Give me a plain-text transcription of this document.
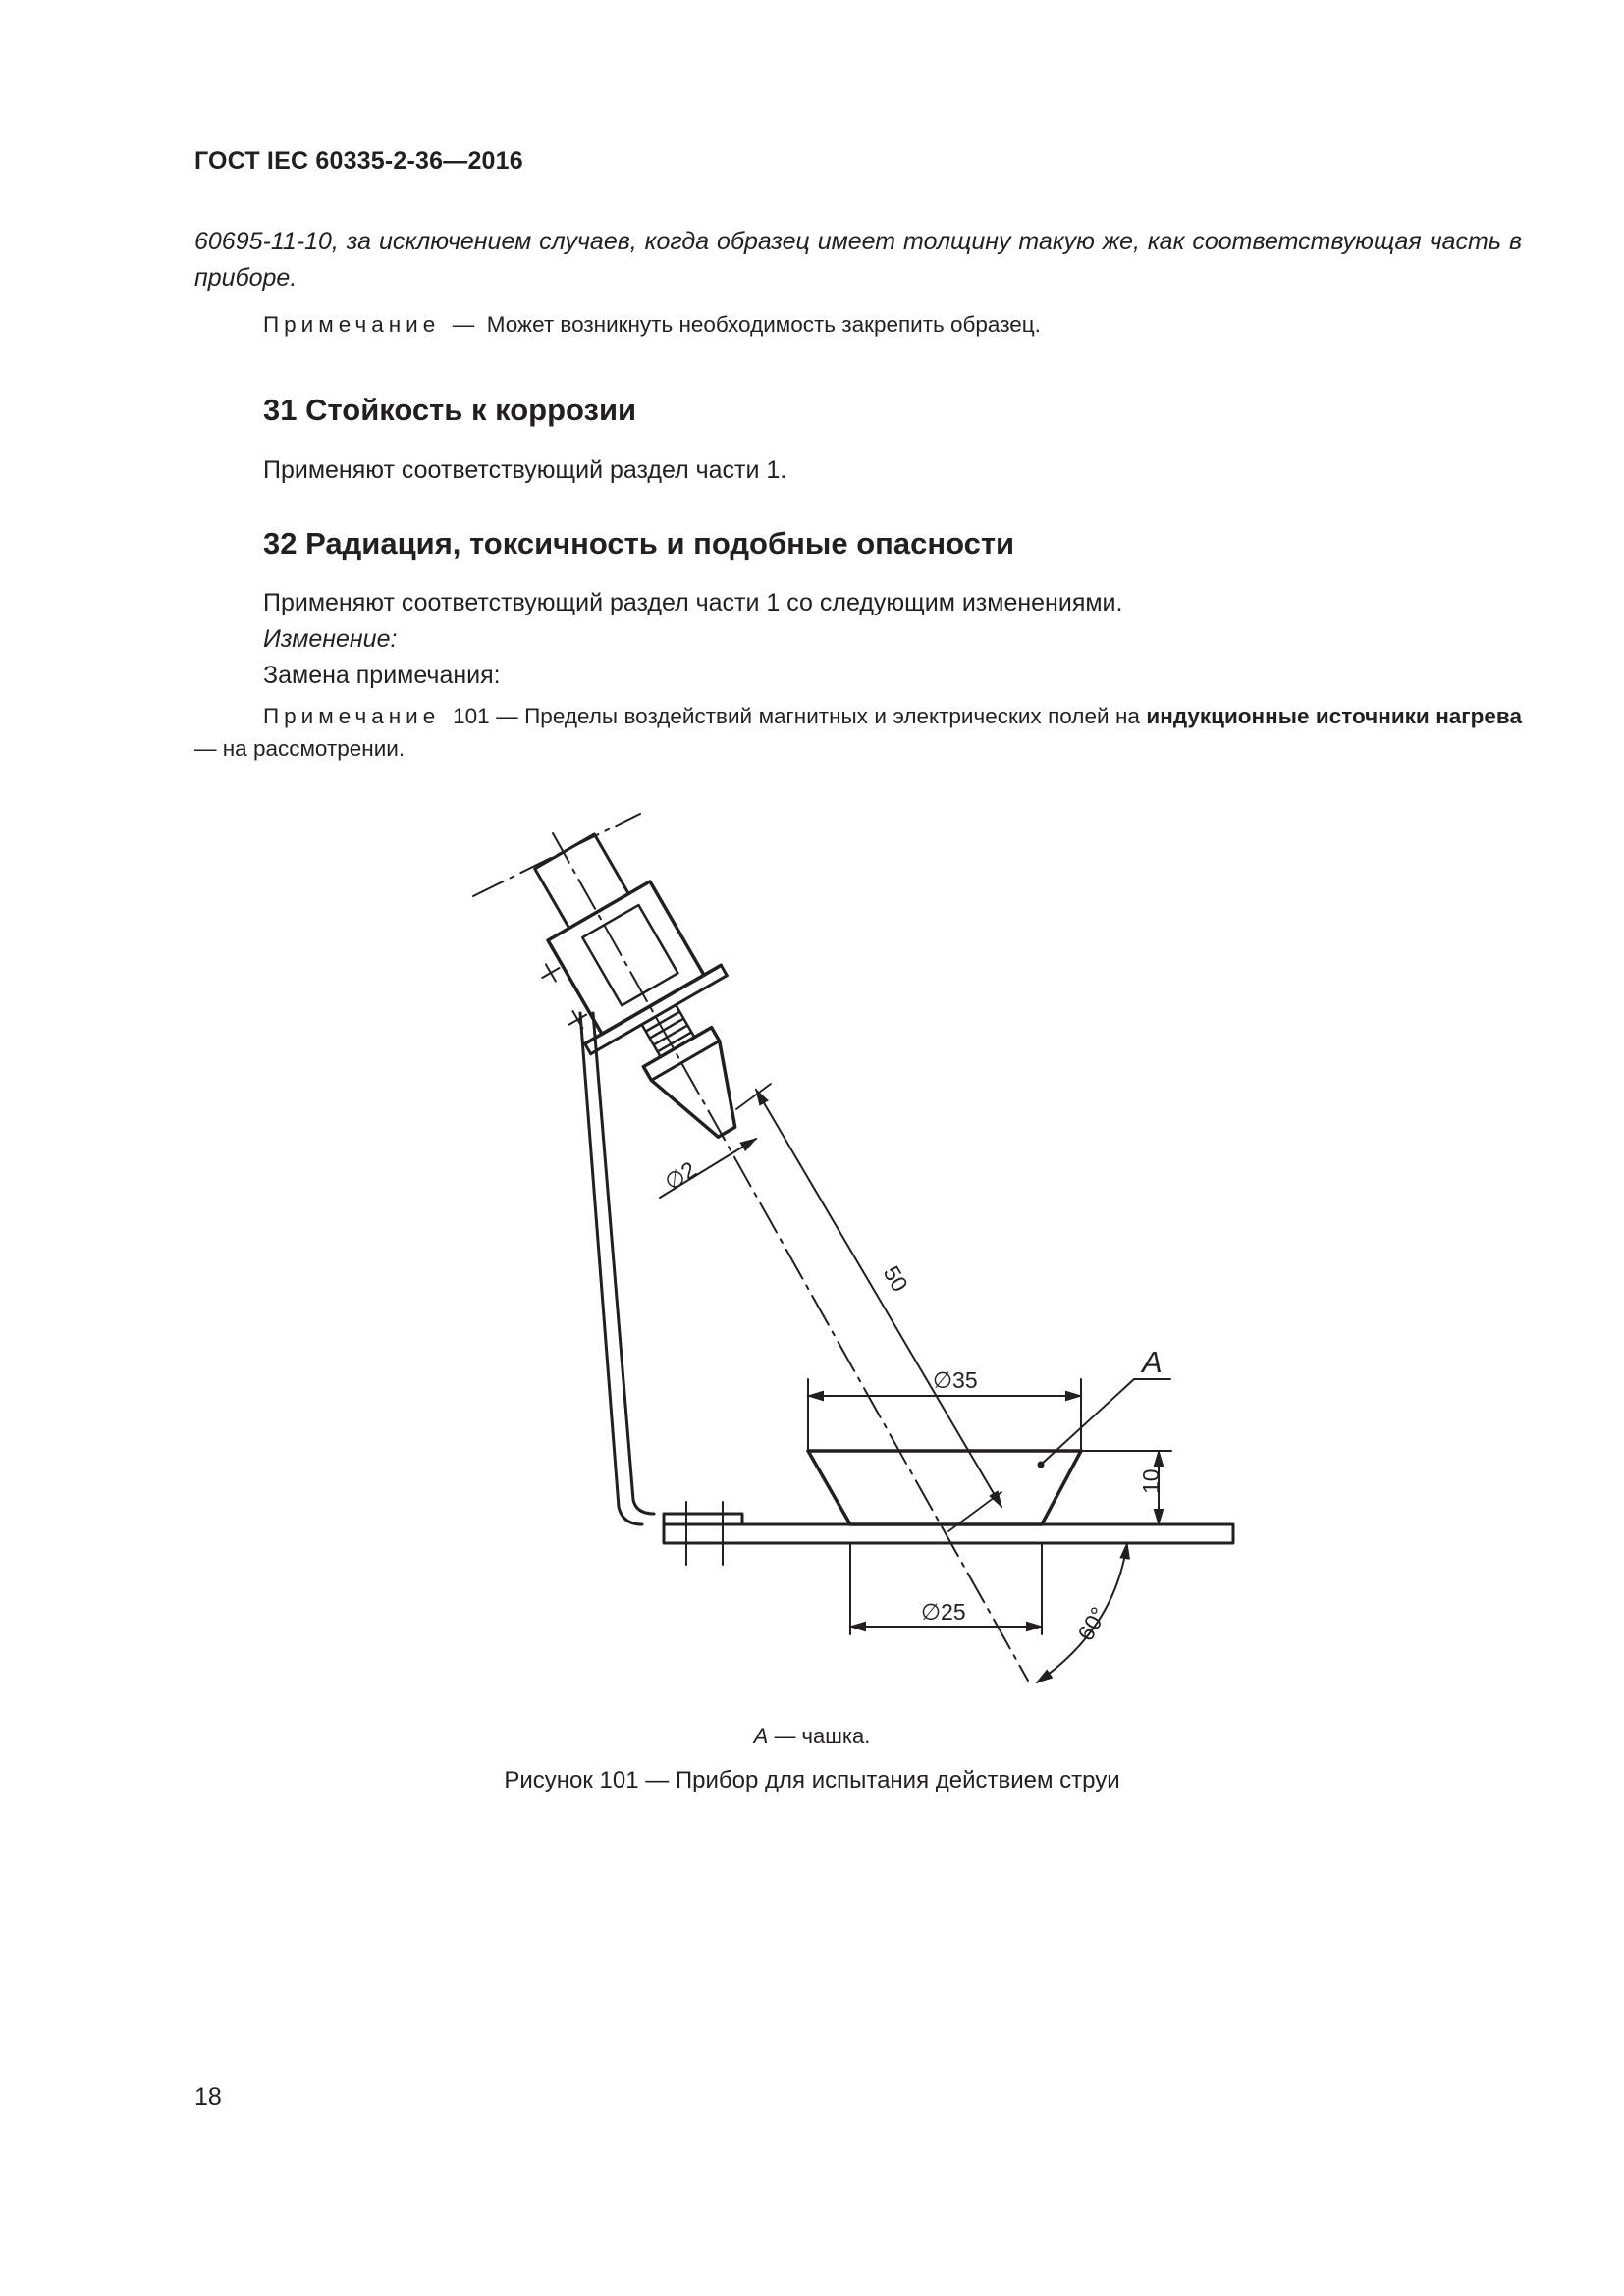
ГОСТ IEC 60335-2-36—2016

60695-11-10, за исключением случаев, когда образец имеет толщину такую же, как соответствующая часть в приборе.

Примечание — Может возникнуть необходимость закрепить образец.
31 Стойкость к коррозии

Применяют соответствующий раздел части 1.

32 Радиация, токсичность и подобные опасности
Применяют соответствующий раздел части 1 со следующим изменениями.
Изменение:
Замена примечания:
Примечание 101 — Пределы воздействий магнитных и электрических полей на индукционные источники нагрева — на рассмотрении.
∅2
50
∅35
∅25
10
60°
A
A — чашка.
Рисунок 101 — Прибор для испытания действием струи
18
